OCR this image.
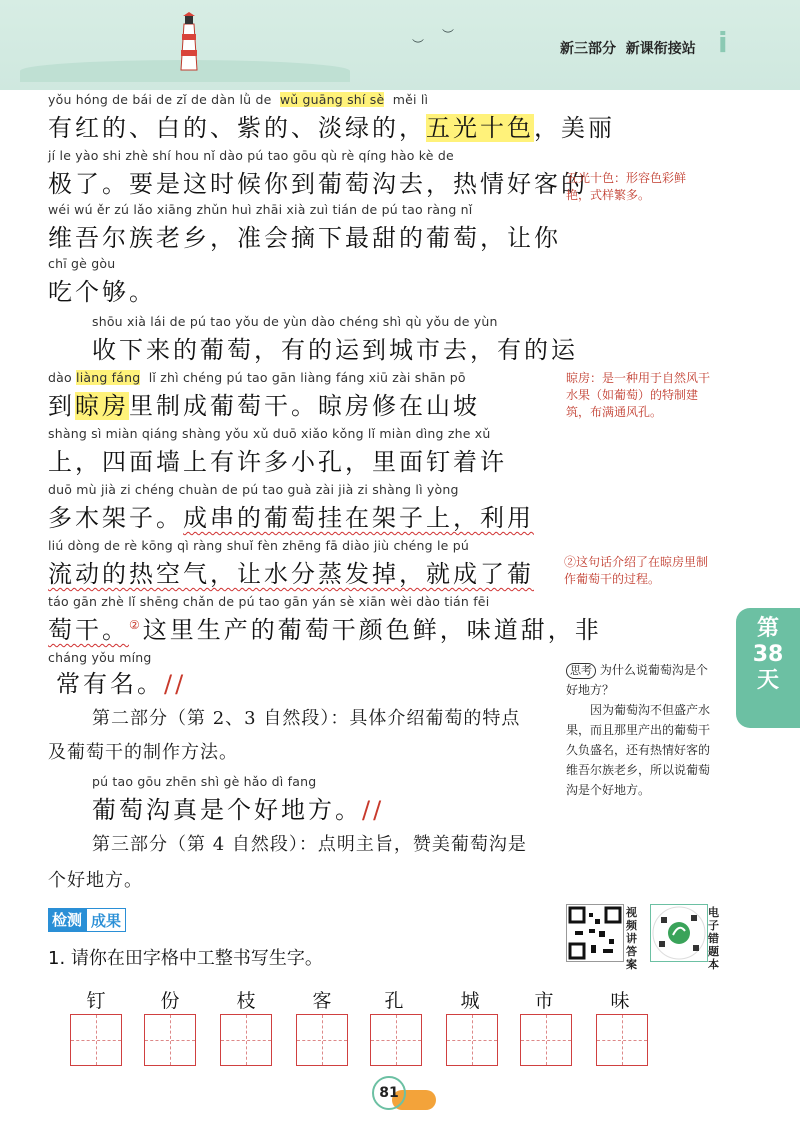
︶
︶
新三部分 新课衔接站 ⅰ
yǒu hóng de bái de zǐ de dàn lǜ de wǔ guāng shí sè měi lì
有红的、白的、紫的、淡绿的，五光十色，美丽
jí le yào shi zhè shí hou nǐ dào pú tao gōu qù rè qíng hào kè de
极了。要是这时候你到葡萄沟去，热情好客的
wéi wú ěr zú lǎo xiāng zhǔn huì zhāi xià zuì tián de pú tao ràng nǐ
维吾尔族老乡，准会摘下最甜的葡萄，让你
chī gè gòu
吃个够。
shōu xià lái de pú tao yǒu de yùn dào chéng shì qù yǒu de yùn
收下来的葡萄，有的运到城市去，有的运
dào liàng fáng lǐ zhì chéng pú tao gān liàng fáng xiū zài shān pō
到晾房里制成葡萄干。晾房修在山坡
shàng sì miàn qiáng shàng yǒu xǔ duō xiǎo kǒng lǐ miàn dìng zhe xǔ
上，四面墙上有许多小孔，里面钉着许
duō mù jià zi chéng chuàn de pú tao guà zài jià zi shàng lì yòng
多木架子。成串的葡萄挂在架子上，利用
liú dòng de rè kōng qì ràng shuǐ fèn zhēng fā diào jiù chéng le pú
流动的热空气，让水分蒸发掉，就成了葡
táo gān zhè lǐ shēng chǎn de pú tao gān yán sè xiān wèi dào tián fēi
萄干。②这里生产的葡萄干颜色鲜，味道甜，非
cháng yǒu míng
常有名。//
第二部分（第 2、3 自然段）：具体介绍葡萄的特点
及葡萄干的制作方法。
pú tao gōu zhēn shì gè hǎo dì fang
葡萄沟真是个好地方。//
第三部分（第 4 自然段）：点明主旨，赞美葡萄沟是
个好地方。
五光十色：形容色彩鲜艳，式样繁多。
晾房：是一种用于自然风干水果（如葡萄）的特制建筑，布满通风孔。
②这句话介绍了在晾房里制作葡萄干的过程。
思考 为什么说葡萄沟是个好地方？
因为葡萄沟不但盛产水果，而且那里产出的葡萄干久负盛名，还有热情好客的维吾尔族老乡，所以说葡萄沟是个好地方。
第
38
天
检测 成果	视频讲答案
电子错题本
1. 请你在田字格中工整书写生字。
钉	份	枝	客	孔	城	市	味
81
